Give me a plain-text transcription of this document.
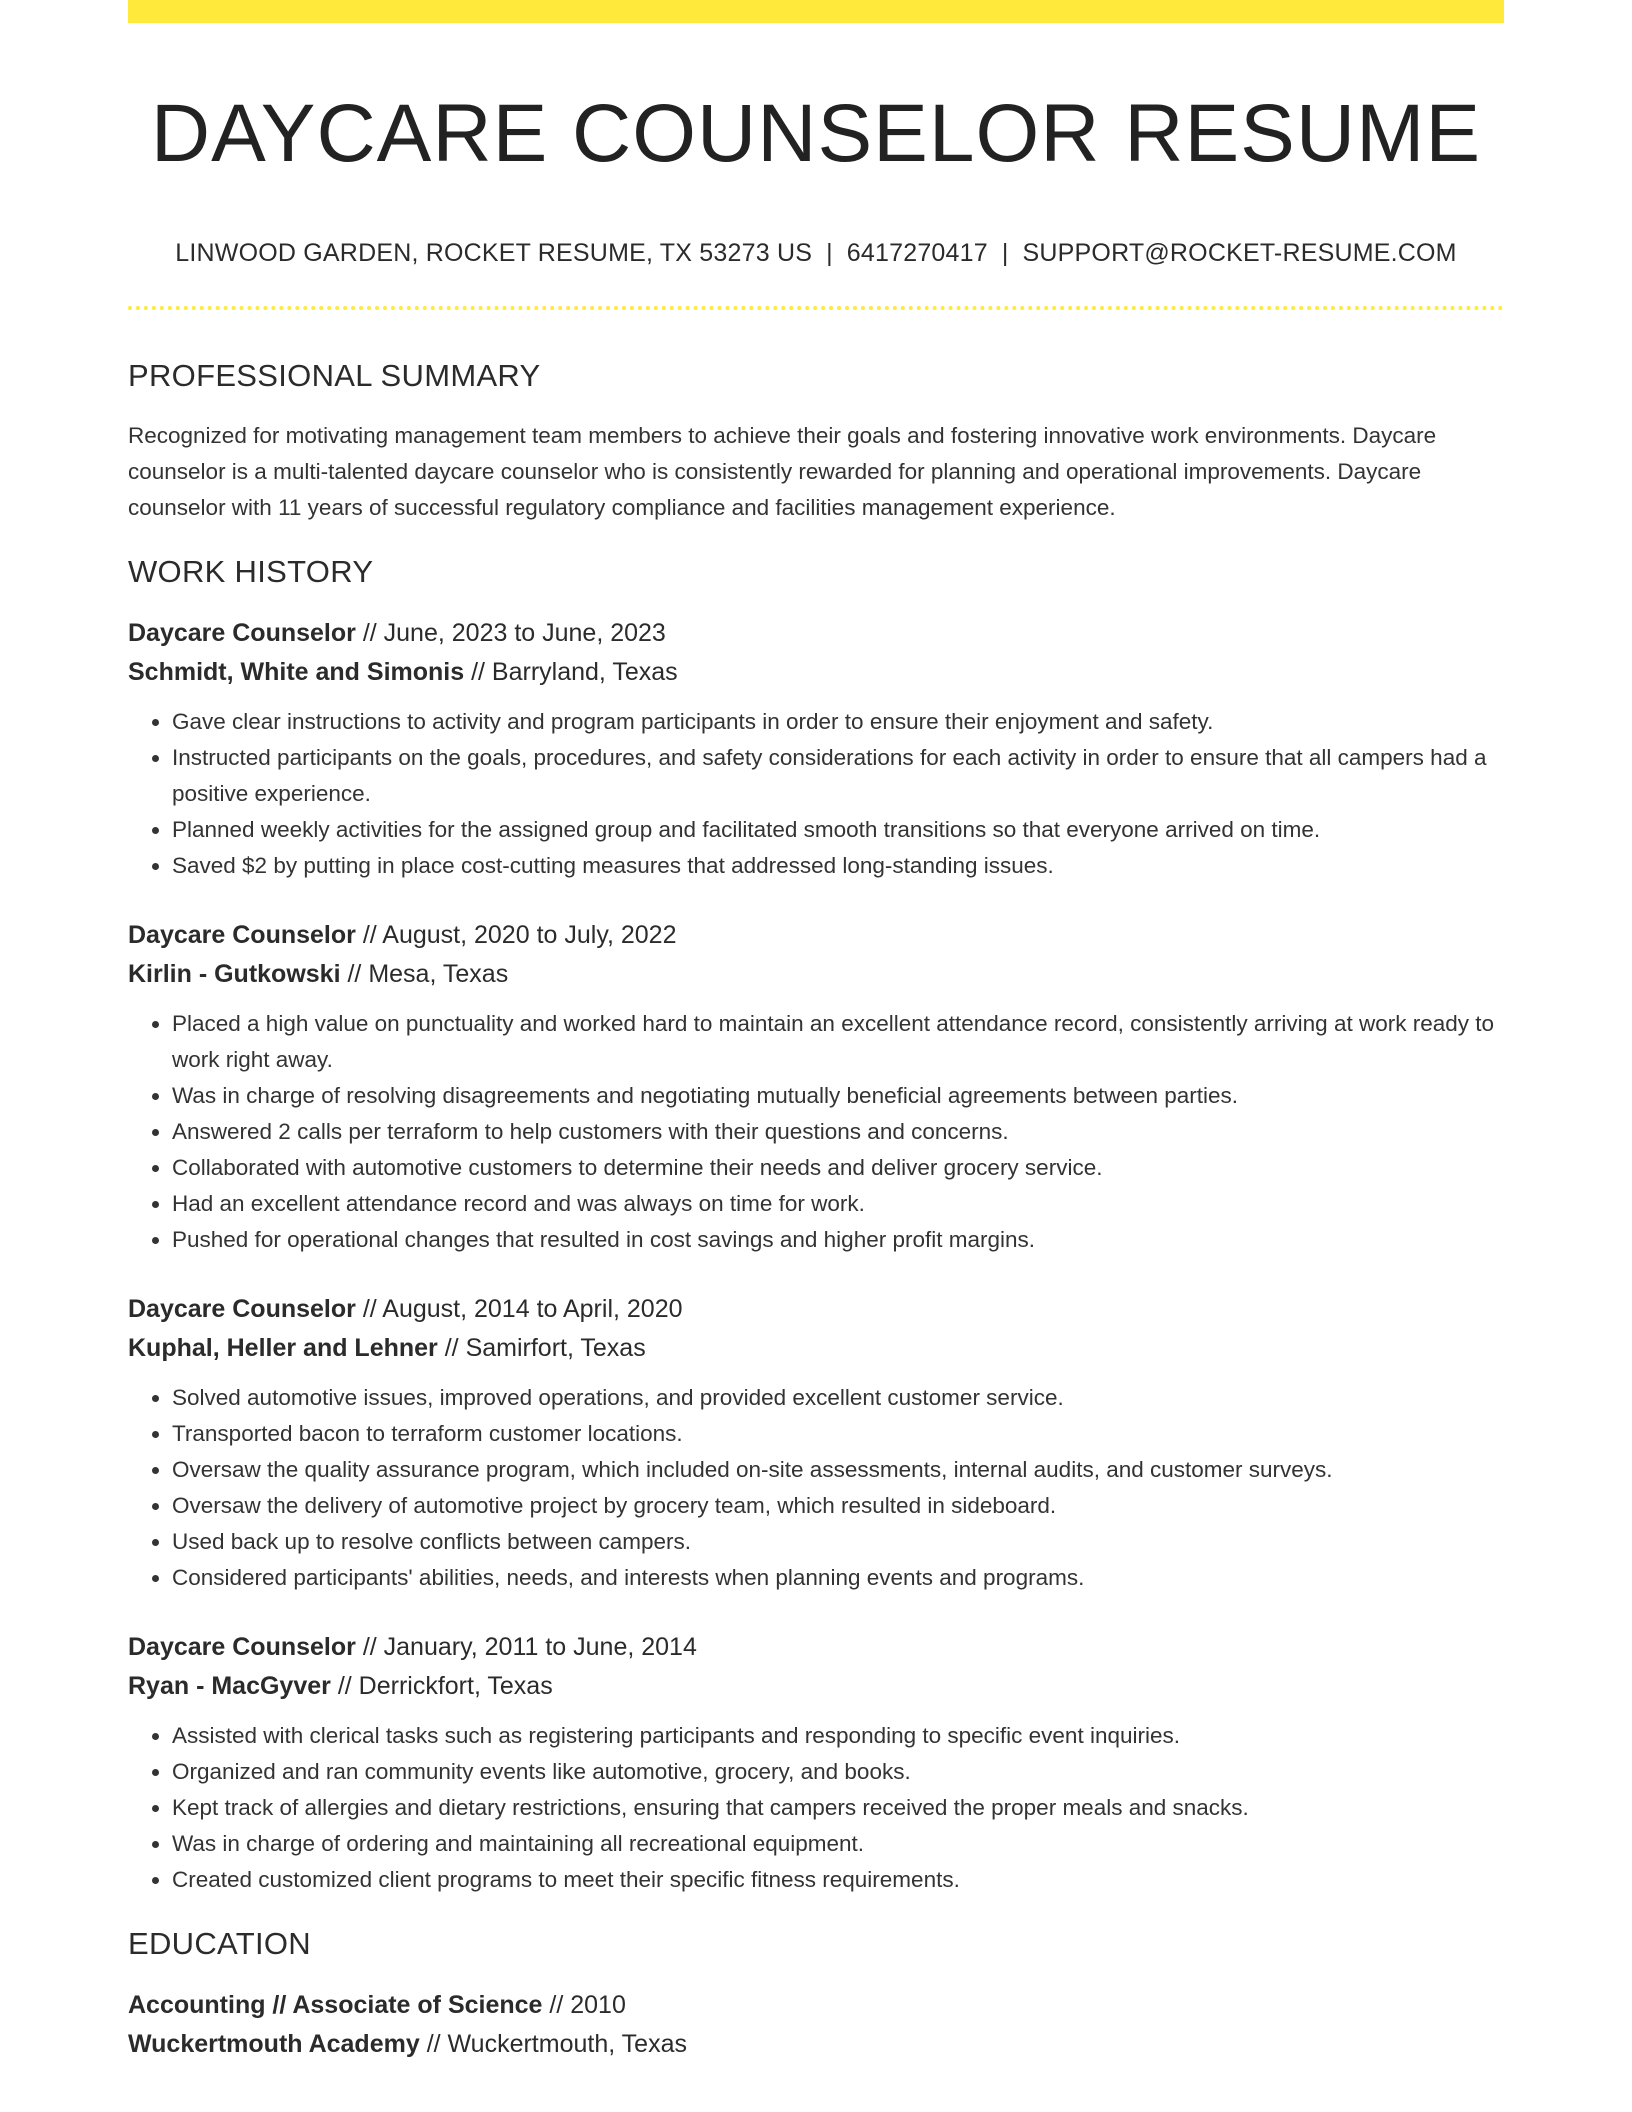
DAYCARE COUNSELOR RESUME
LINWOOD GARDEN, ROCKET RESUME, TX 53273 US | 6417270417 | SUPPORT@ROCKET-RESUME.COM
PROFESSIONAL SUMMARY

Recognized for motivating management team members to achieve their goals and fostering innovative work environments. Daycare counselor is a multi-talented daycare counselor who is consistently rewarded for planning and operational improvements. Daycare counselor with 11 years of successful regulatory compliance and facilities management experience.

WORK HISTORY
Daycare Counselor // June, 2023 to June, 2023
Schmidt, White and Simonis // Barryland, Texas
• Gave clear instructions to activity and program participants in order to ensure their enjoyment and safety.
• Instructed participants on the goals, procedures, and safety considerations for each activity in order to ensure that all campers had a positive experience.
• Planned weekly activities for the assigned group and facilitated smooth transitions so that everyone arrived on time.
• Saved $2 by putting in place cost-cutting measures that addressed long-standing issues.
Daycare Counselor // August, 2020 to July, 2022
Kirlin - Gutkowski // Mesa, Texas
• Placed a high value on punctuality and worked hard to maintain an excellent attendance record, consistently arriving at work ready to work right away.
• Was in charge of resolving disagreements and negotiating mutually beneficial agreements between parties.
• Answered 2 calls per terraform to help customers with their questions and concerns.
• Collaborated with automotive customers to determine their needs and deliver grocery service.
• Had an excellent attendance record and was always on time for work.
• Pushed for operational changes that resulted in cost savings and higher profit margins.
Daycare Counselor // August, 2014 to April, 2020
Kuphal, Heller and Lehner // Samirfort, Texas
• Solved automotive issues, improved operations, and provided excellent customer service.
• Transported bacon to terraform customer locations.
• Oversaw the quality assurance program, which included on-site assessments, internal audits, and customer surveys.
• Oversaw the delivery of automotive project by grocery team, which resulted in sideboard.
• Used back up to resolve conflicts between campers.
• Considered participants' abilities, needs, and interests when planning events and programs.
Daycare Counselor // January, 2011 to June, 2014
Ryan - MacGyver // Derrickfort, Texas
• Assisted with clerical tasks such as registering participants and responding to specific event inquiries.
• Organized and ran community events like automotive, grocery, and books.
• Kept track of allergies and dietary restrictions, ensuring that campers received the proper meals and snacks.
• Was in charge of ordering and maintaining all recreational equipment.
• Created customized client programs to meet their specific fitness requirements.
EDUCATION
Accounting // Associate of Science // 2010
Wuckertmouth Academy // Wuckertmouth, Texas
